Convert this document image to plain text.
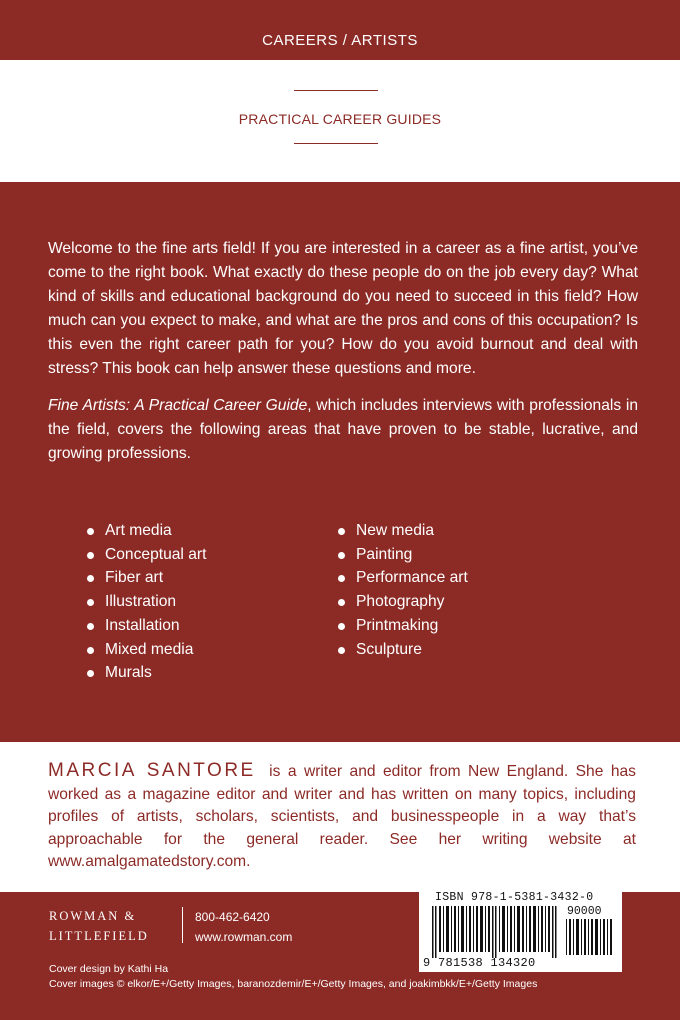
CAREERS / ARTISTS
PRACTICAL CAREER GUIDES

Welcome to the fine arts field! If you are interested in a career as a fine artist, you’ve come to the right book. What exactly do these people do on the job every day? What kind of skills and educational background do you need to succeed in this field? How much can you expect to make, and what are the pros and cons of this occupation? Is this even the right career path for you? How do you avoid burnout and deal with stress? This book can help answer these questions and more.

Fine Artists: A Practical Career Guide, which includes interviews with professionals in the field, covers the following areas that have proven to be stable, lucrative, and growing professions.

Art media
Conceptual art
Fiber art
Illustration
Installation
Mixed media
Murals
New media
Painting
Performance art
Photography
Printmaking
Sculpture
MARCIA SANTORE is a writer and editor from New England. She has worked as a magazine editor and writer and has written on many topics, including profiles of artists, scholars, scientists, and businesspeople in a way that’s approachable for the general reader. See her writing website at www.amalgamatedstory.com.
ROWMAN &
LITTLEFIELD
800-462-6420
www.rowman.com
ISBN 978-1-5381-3432-0
90000
9 781538 134320
Cover design by Kathi Ha
Cover images © elkor/E+/Getty Images, baranozdemir/E+/Getty Images, and joakimbkk/E+/Getty Images
